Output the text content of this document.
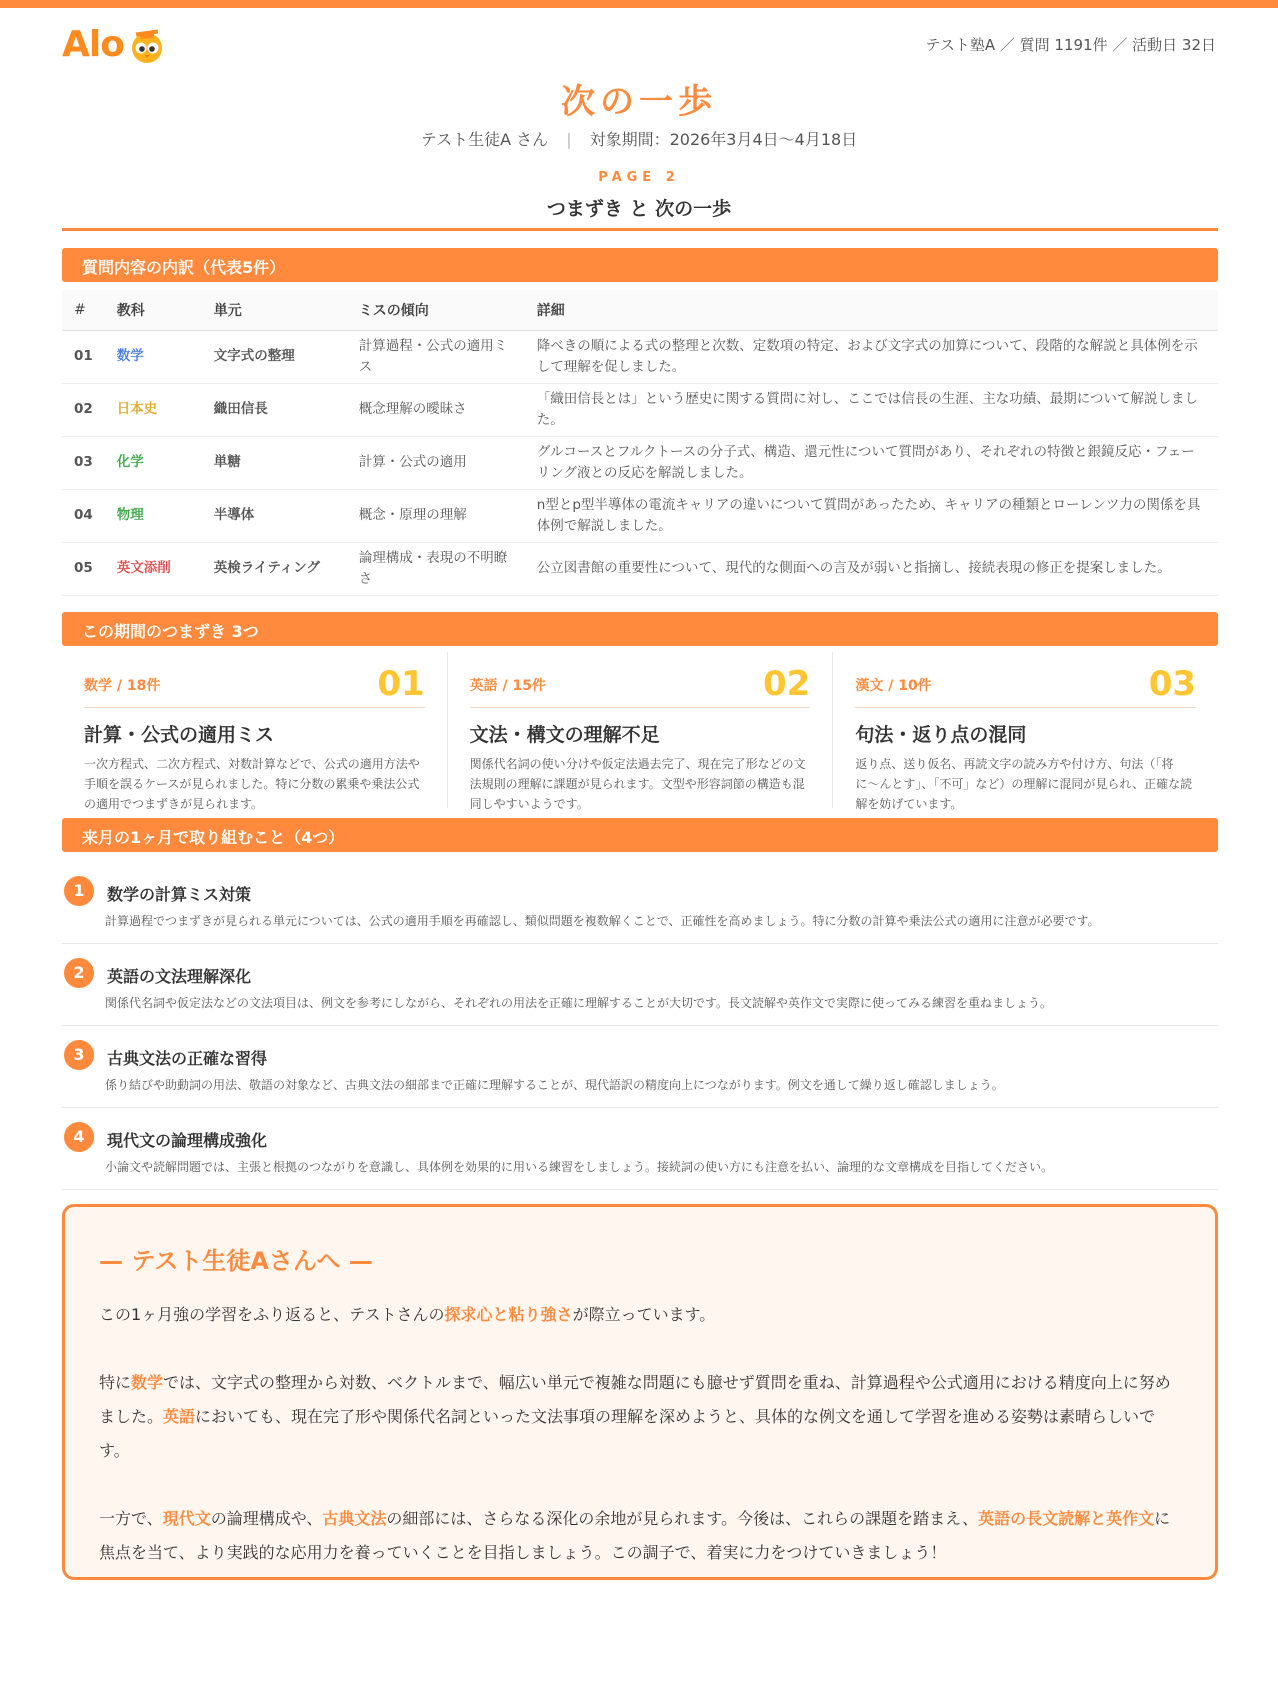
Alo	テスト塾A ／ 質問 1191件 ／ 活動日 32日
次の一歩
テスト生徒A さん | 対象期間：2026年3月4日〜4月18日
PAGE 2
つまずき と 次の一歩
質問内容の内訳（代表5件）
#	教科	単元	ミスの傾向	詳細
01	数学	文字式の整理	計算過程・公式の適用ミス	降べきの順による式の整理と次数、定数項の特定、および文字式の加算について、段階的な解説と具体例を示して理解を促しました。
02	日本史	織田信長	概念理解の曖昧さ	「織田信長とは」という歴史に関する質問に対し、ここでは信長の生涯、主な功績、最期について解説しました。
03	化学	単糖	計算・公式の適用	グルコースとフルクトースの分子式、構造、還元性について質問があり、それぞれの特徴と銀鏡反応・フェーリング液との反応を解説しました。
04	物理	半導体	概念・原理の理解	n型とp型半導体の電流キャリアの違いについて質問があったため、キャリアの種類とローレンツ力の関係を具体例で解説しました。
05	英文添削	英検ライティング	論理構成・表現の不明瞭さ	公立図書館の重要性について、現代的な側面への言及が弱いと指摘し、接続表現の修正を提案しました。
この期間のつまずき 3つ
数学 / 18件	01
計算・公式の適用ミス
一次方程式、二次方程式、対数計算などで、公式の適用方法や手順を誤るケースが見られました。特に分数の累乗や乗法公式の適用でつまずきが見られます。
英語 / 15件	02
文法・構文の理解不足
関係代名詞の使い分けや仮定法過去完了、現在完了形などの文法規則の理解に課題が見られます。文型や形容詞節の構造も混同しやすいようです。
漢文 / 10件	03
句法・返り点の混同
返り点、送り仮名、再読文字の読み方や付け方、句法（「将に〜んとす」、「不可」など）の理解に混同が見られ、正確な読解を妨げています。
来月の1ヶ月で取り組むこと（4つ）
1	数学の計算ミス対策
計算過程でつまずきが見られる単元については、公式の適用手順を再確認し、類似問題を複数解くことで、正確性を高めましょう。特に分数の計算や乗法公式の適用に注意が必要です。
2	英語の文法理解深化
関係代名詞や仮定法などの文法項目は、例文を参考にしながら、それぞれの用法を正確に理解することが大切です。長文読解や英作文で実際に使ってみる練習を重ねましょう。
3	古典文法の正確な習得
係り結びや助動詞の用法、敬語の対象など、古典文法の細部まで正確に理解することが、現代語訳の精度向上につながります。例文を通して繰り返し確認しましょう。
4	現代文の論理構成強化
小論文や読解問題では、主張と根拠のつながりを意識し、具体例を効果的に用いる練習をしましょう。接続詞の使い方にも注意を払い、論理的な文章構成を目指してください。
— テスト生徒Aさんへ —

この1ヶ月強の学習をふり返ると、テストさんの探求心と粘り強さが際立っています。

特に数学では、文字式の整理から対数、ベクトルまで、幅広い単元で複雑な問題にも臆せず質問を重ね、計算過程や公式適用における精度向上に努めました。英語においても、現在完了形や関係代名詞といった文法事項の理解を深めようと、具体的な例文を通して学習を進める姿勢は素晴らしいです。

一方で、現代文の論理構成や、古典文法の細部には、さらなる深化の余地が見られます。今後は、これらの課題を踏まえ、英語の長文読解と英作文に焦点を当て、より実践的な応用力を養っていくことを目指しましょう。この調子で、着実に力をつけていきましょう！
